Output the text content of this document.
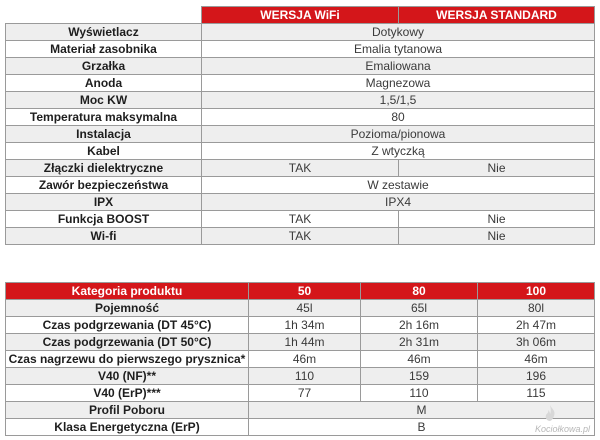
	WERSJA WiFi	WERSJA STANDARD
Wyświetlacz	Dotykowy	
Materiał zasobnika	Emalia tytanowa	
Grzałka	Emaliowana	
Anoda	Magnezowa	
Moc KW	1,5/1,5	
Temperatura maksymalna	80	
Instalacja	Pozioma/pionowa	
Kabel	Z wtyczką	
Złączki dielektryczne	TAK	Nie
Zawór bezpieczeństwa	W zestawie	
IPX	IPX4	
Funkcja BOOST	TAK	Nie
Wi-fi	TAK	Nie
Kategoria produktu	50	80	100
Pojemność	45l	65l	80l
Czas podgrzewania (DT 45°C)	1h 34m	2h 16m	2h 47m
Czas podgrzewania (DT 50°C)	1h 44m	2h 31m	3h 06m
Czas nagrzewu do pierwszego prysznica*	46m	46m	46m
V40 (NF)**	110	159	196
V40 (ErP)***	77	110	115
Profil Poboru	M		
Klasa Energetyczna (ErP)	B			Kociołkowa.pl
